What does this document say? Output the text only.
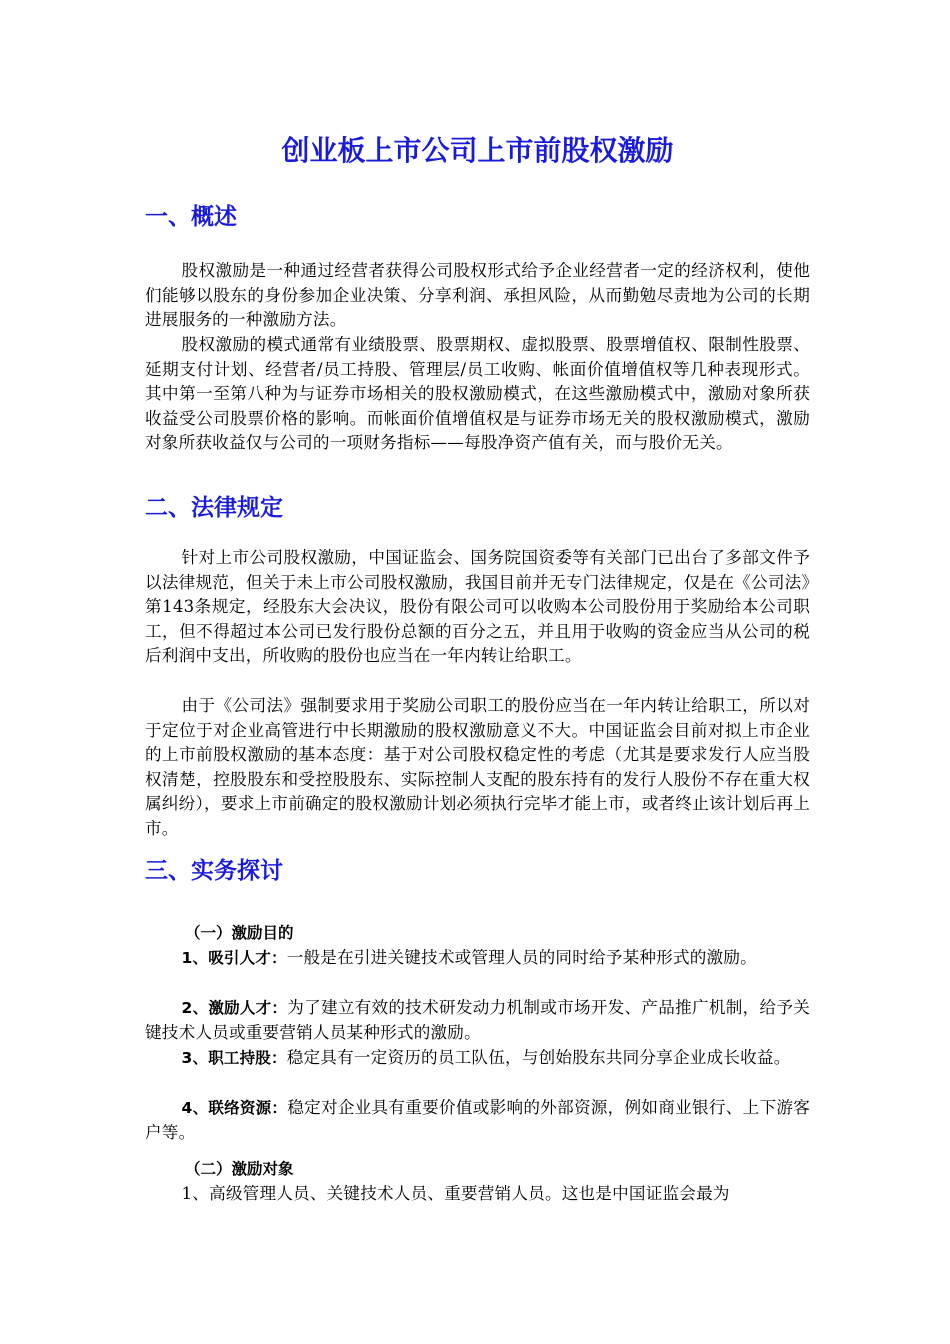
创业板上市公司上市前股权激励
一、概述

股权激励是一种通过经营者获得公司股权形式给予企业经营者一定的经济权利，使他们能够以股东的身份参加企业决策、分享利润、承担风险，从而勤勉尽责地为公司的长期进展服务的一种激励方法。

股权激励的模式通常有业绩股票、股票期权、虚拟股票、股票增值权、限制性股票、延期支付计划、经营者/员工持股、管理层/员工收购、帐面价值增值权等几种表现形式。其中第一至第八种为与证券市场相关的股权激励模式，在这些激励模式中，激励对象所获收益受公司股票价格的影响。而帐面价值增值权是与证券市场无关的股权激励模式，激励对象所获收益仅与公司的一项财务指标——每股净资产值有关，而与股价无关。

二、法律规定

针对上市公司股权激励，中国证监会、国务院国资委等有关部门已出台了多部文件予以法律规范，但关于未上市公司股权激励，我国目前并无专门法律规定，仅是在《公司法》第143条规定，经股东大会决议，股份有限公司可以收购本公司股份用于奖励给本公司职工，但不得超过本公司已发行股份总额的百分之五，并且用于收购的资金应当从公司的税后利润中支出，所收购的股份也应当在一年内转让给职工。

由于《公司法》强制要求用于奖励公司职工的股份应当在一年内转让给职工，所以对于定位于对企业高管进行中长期激励的股权激励意义不大。中国证监会目前对拟上市企业的上市前股权激励的基本态度：基于对公司股权稳定性的考虑（尤其是要求发行人应当股权清楚，控股股东和受控股股东、实际控制人支配的股东持有的发行人股份不存在重大权属纠纷），要求上市前确定的股权激励计划必须执行完毕才能上市，或者终止该计划后再上市。

三、实务探讨
（一）激励目的

1、吸引人才：一般是在引进关键技术或管理人员的同时给予某种形式的激励。

2、激励人才：为了建立有效的技术研发动力机制或市场开发、产品推广机制，给予关键技术人员或重要营销人员某种形式的激励。

3、职工持股：稳定具有一定资历的员工队伍，与创始股东共同分享企业成长收益。

4、联络资源：稳定对企业具有重要价值或影响的外部资源，例如商业银行、上下游客户等。

（二）激励对象

1、高级管理人员、关键技术人员、重要营销人员。这也是中国证监会最为
